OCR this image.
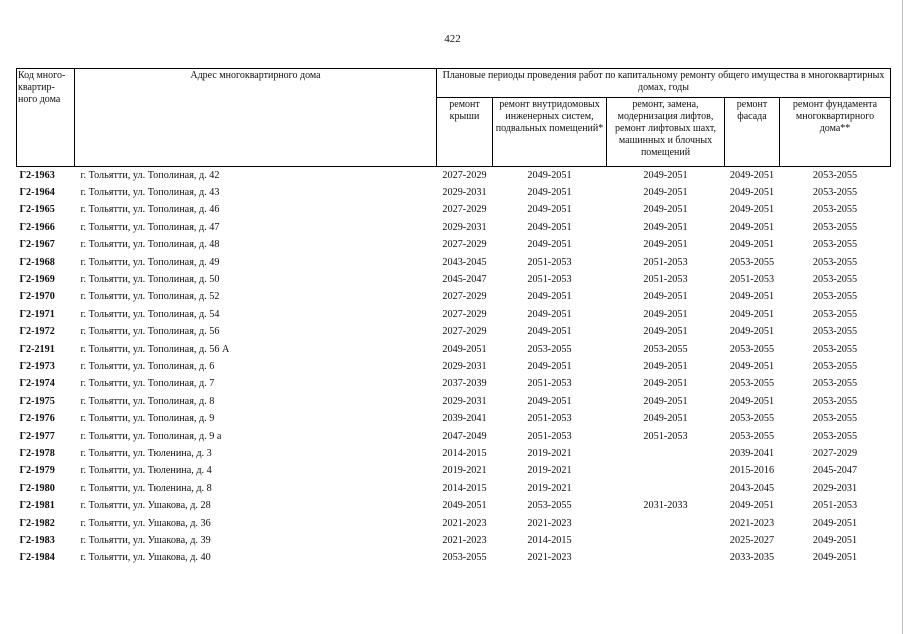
422
Код много-квартир-ного дома	Адрес многоквартирного дома	Плановые периоды проведения работ по капитальному ремонту общего имущества в многоквартирных домах, годы				
		ремонт крыши	ремонт внутридомовых инженерных систем, подвальных помещений*	ремонт, замена, модернизация лифтов, ремонт лифтовых шахт, машинных и блочных помещений	ремонт фасада	ремонт фундамента многоквартирного дома**
Г2-1963	г. Тольятти, ул. Тополиная, д. 42	2027-2029	2049-2051	2049-2051	2049-2051	2053-2055
Г2-1964	г. Тольятти, ул. Тополиная, д. 43	2029-2031	2049-2051	2049-2051	2049-2051	2053-2055
Г2-1965	г. Тольятти, ул. Тополиная, д. 46	2027-2029	2049-2051	2049-2051	2049-2051	2053-2055
Г2-1966	г. Тольятти, ул. Тополиная, д. 47	2029-2031	2049-2051	2049-2051	2049-2051	2053-2055
Г2-1967	г. Тольятти, ул. Тополиная, д. 48	2027-2029	2049-2051	2049-2051	2049-2051	2053-2055
Г2-1968	г. Тольятти, ул. Тополиная, д. 49	2043-2045	2051-2053	2051-2053	2053-2055	2053-2055
Г2-1969	г. Тольятти, ул. Тополиная, д. 50	2045-2047	2051-2053	2051-2053	2051-2053	2053-2055
Г2-1970	г. Тольятти, ул. Тополиная, д. 52	2027-2029	2049-2051	2049-2051	2049-2051	2053-2055
Г2-1971	г. Тольятти, ул. Тополиная, д. 54	2027-2029	2049-2051	2049-2051	2049-2051	2053-2055
Г2-1972	г. Тольятти, ул. Тополиная, д. 56	2027-2029	2049-2051	2049-2051	2049-2051	2053-2055
Г2-2191	г. Тольятти, ул. Тополиная, д. 56 А	2049-2051	2053-2055	2053-2055	2053-2055	2053-2055
Г2-1973	г. Тольятти, ул. Тополиная, д. 6	2029-2031	2049-2051	2049-2051	2049-2051	2053-2055
Г2-1974	г. Тольятти, ул. Тополиная, д. 7	2037-2039	2051-2053	2049-2051	2053-2055	2053-2055
Г2-1975	г. Тольятти, ул. Тополиная, д. 8	2029-2031	2049-2051	2049-2051	2049-2051	2053-2055
Г2-1976	г. Тольятти, ул. Тополиная, д. 9	2039-2041	2051-2053	2049-2051	2053-2055	2053-2055
Г2-1977	г. Тольятти, ул. Тополиная, д. 9 а	2047-2049	2051-2053	2051-2053	2053-2055	2053-2055
Г2-1978	г. Тольятти, ул. Тюленина, д. 3	2014-2015	2019-2021		2039-2041	2027-2029
Г2-1979	г. Тольятти, ул. Тюленина, д. 4	2019-2021	2019-2021		2015-2016	2045-2047
Г2-1980	г. Тольятти, ул. Тюленина, д. 8	2014-2015	2019-2021		2043-2045	2029-2031
Г2-1981	г. Тольятти, ул. Ушакова, д. 28	2049-2051	2053-2055	2031-2033	2049-2051	2051-2053
Г2-1982	г. Тольятти, ул. Ушакова, д. 36	2021-2023	2021-2023		2021-2023	2049-2051
Г2-1983	г. Тольятти, ул. Ушакова, д. 39	2021-2023	2014-2015		2025-2027	2049-2051
Г2-1984	г. Тольятти, ул. Ушакова, д. 40	2053-2055	2021-2023		2033-2035	2049-2051
